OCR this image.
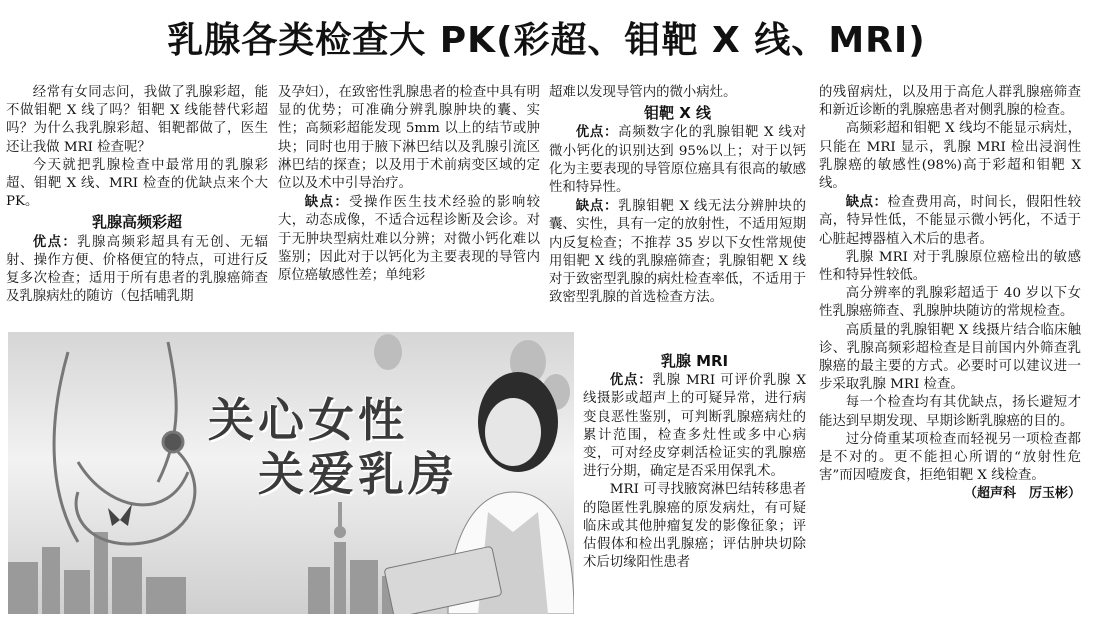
乳腺各类检查大 PK(彩超、钼靶 X 线、MRI)

经常有女同志问，我做了乳腺彩超，能不做钼靶 X 线了吗？钼靶 X 线能替代彩超吗？为什么我乳腺彩超、钼靶都做了，医生还让我做 MRI 检查呢？

今天就把乳腺检查中最常用的乳腺彩超、钼靶 X 线、MRI 检查的优缺点来个大 PK。

乳腺高频彩超

优点：乳腺高频彩超具有无创、无辐射、操作方便、价格便宜的特点，可进行反复多次检查；适用于所有患者的乳腺癌筛查及乳腺病灶的随访（包括哺乳期

及孕妇），在致密性乳腺患者的检查中具有明显的优势；可准确分辨乳腺肿块的囊、实性；高频彩超能发现 5mm 以上的结节或肿块；同时也用于腋下淋巴结以及乳腺引流区淋巴结的探查；以及用于术前病变区域的定位以及术中引导治疗。

缺点：受操作医生技术经验的影响较大，动态成像，不适合远程诊断及会诊。对于无肿块型病灶难以分辨；对微小钙化难以鉴别；因此对于以钙化为主要表现的导管内原位癌敏感性差；单纯彩

超难以发现导管内的微小病灶。

钼靶 X 线

优点：高频数字化的乳腺钼靶 X 线对微小钙化的识别达到 95%以上；对于以钙化为主要表现的导管原位癌具有很高的敏感性和特异性。

缺点：乳腺钼靶 X 线无法分辨肿块的囊、实性，具有一定的放射性，不适用短期内反复检查；不推荐 35 岁以下女性常规使用钼靶 X 线的乳腺癌筛查；乳腺钼靶 X 线对于致密型乳腺的病灶检查率低，不适用于致密型乳腺的首选检查方法。

乳腺 MRI

优点：乳腺 MRI 可评价乳腺 X 线摄影或超声上的可疑异常，进行病变良恶性鉴别，可判断乳腺癌病灶的累计范围，检查多灶性或多中心病变，可对经皮穿刺活检证实的乳腺癌进行分期，确定是否采用保乳术。

MRI 可寻找腋窝淋巴结转移患者的隐匿性乳腺癌的原发病灶，有可疑临床或其他肿瘤复发的影像征象；评估假体和检出乳腺癌；评估肿块切除术后切缘阳性患者

的残留病灶，以及用于高危人群乳腺癌筛查和新近诊断的乳腺癌患者对侧乳腺的检查。

高频彩超和钼靶 X 线均不能显示病灶，只能在 MRI 显示，乳腺 MRI 检出浸润性乳腺癌的敏感性(98%)高于彩超和钼靶 X 线。

缺点：检查费用高，时间长，假阳性较高，特异性低，不能显示微小钙化，不适于心脏起搏器植入术后的患者。

乳腺 MRI 对于乳腺原位癌检出的敏感性和特异性较低。

高分辨率的乳腺彩超适于 40 岁以下女性乳腺癌筛查、乳腺肿块随访的常规检查。

高质量的乳腺钼靶 X 线摄片结合临床触诊、乳腺高频彩超检查是目前国内外筛查乳腺癌的最主要的方式。必要时可以建议进一步采取乳腺 MRI 检查。

每一个检查均有其优缺点，扬长避短才能达到早期发现、早期诊断乳腺癌的目的。

过分倚重某项检查而轻视另一项检查都是不对的。更不能担心所谓的“放射性危害”而因噎废食，拒绝钼靶 X 线检查。

（超声科　厉玉彬）
关心女性
关爱乳房
